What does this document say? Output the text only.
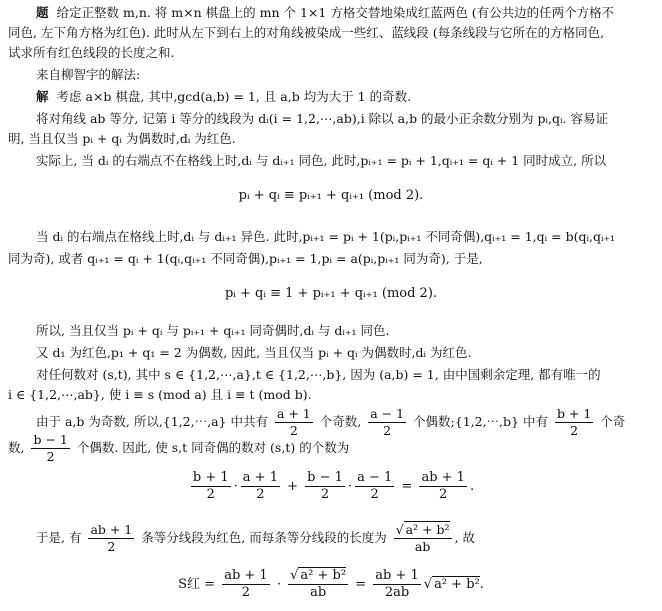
题 给定正整数 m,n. 将 m×n 棋盘上的 mn 个 1×1 方格交替地染成红蓝两色 (有公共边的任两个方格不
同色, 左下角方格为红色). 此时从左下到右上的对角线被染成一些红、蓝线段 (每条线段与它所在的方格同色,
试求所有红色线段的长度之和.
来自柳智宇的解法:
解 考虑 a×b 棋盘, 其中,gcd(a,b) = 1, 且 a,b 均为大于 1 的奇数.
将对角线 ab 等分, 记第 i 等分的线段为 dᵢ(i = 1,2,⋯,ab),i 除以 a,b 的最小正余数分别为 pᵢ,qᵢ. 容易证
明, 当且仅当 pᵢ + qᵢ 为偶数时,dᵢ 为红色.
实际上, 当 dᵢ 的右端点不在格线上时,dᵢ 与 dᵢ₊₁ 同色, 此时,pᵢ₊₁ = pᵢ + 1,qᵢ₊₁ = qᵢ + 1 同时成立, 所以
pᵢ + qᵢ ≡ pᵢ₊₁ + qᵢ₊₁ (mod 2).
当 dᵢ 的右端点在格线上时,dᵢ 与 dᵢ₊₁ 异色. 此时,pᵢ₊₁ = pᵢ + 1(pᵢ,pᵢ₊₁ 不同奇偶),qᵢ₊₁ = 1,qᵢ = b(qᵢ,qᵢ₊₁
同为奇), 或者 qᵢ₊₁ = qᵢ + 1(qᵢ,qᵢ₊₁ 不同奇偶),pᵢ₊₁ = 1,pᵢ = a(pᵢ,pᵢ₊₁ 同为奇), 于是,
pᵢ + qᵢ ≡ 1 + pᵢ₊₁ + qᵢ₊₁ (mod 2).
所以, 当且仅当 pᵢ + qᵢ 与 pᵢ₊₁ + qᵢ₊₁ 同奇偶时,dᵢ 与 dᵢ₊₁ 同色.
又 d₁ 为红色,p₁ + q₁ = 2 为偶数, 因此, 当且仅当 pᵢ + qᵢ 为偶数时,dᵢ 为红色.
对任何数对 (s,t), 其中 s ∈ {1,2,⋯,a},t ∈ {1,2,⋯,b}, 因为 (a,b) = 1, 由中国剩余定理, 都有唯一的
i ∈ {1,2,⋯,ab}, 使 i ≡ s (mod a) 且 i ≡ t (mod b).
由于 a,b 为奇数, 所以,{1,2,⋯,a} 中共有 $\frac{a + 1}{2}$ 个奇数, $\frac{a - 1}{2}$ 个偶数;{1,2,⋯,b} 中有 $\frac{b + 1}{2}$ 个奇
数, $\frac{b - 1}{2}$ 个偶数. 因此, 使 s,t 同奇偶的数对 (s,t) 的个数为
$\frac{b + 1}{2} \cdot \frac{a + 1}{2} + \frac{b - 1}{2} \cdot \frac{a - 1}{2} = \frac{ab + 1}{2}$ .
于是, 有 $\frac{ab + 1}{2}$ 条等分线段为红色, 而每条等分线段的长度为 $\frac{\text{√ a² + b²}}{ab}$ , 故
S红 = $\frac{ab + 1}{2} \cdot \frac{\text{√ a² + b²}}{ab} = \frac{ab + 1}{2ab}$ √ a² + b².
